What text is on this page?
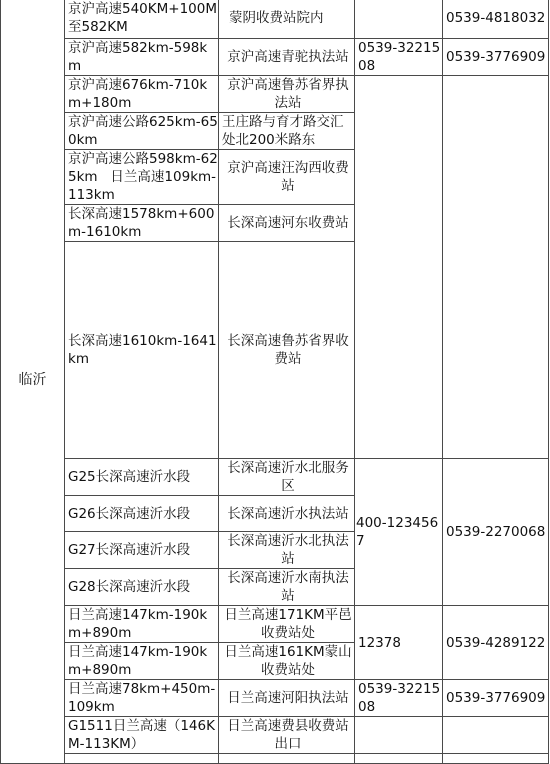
临沂	京沪高速540KM+100M至582KM	蒙阴收费站院内		0539-4818032	
	京沪高速582km-598km	京沪高速青驼执法站	0539-3221508	0539-3776909	
	京沪高速676km-710km+180m	京沪高速鲁苏省界执法站			
	京沪高速公路625km-650km	王庄路与育才路交汇处北200米路东			
	京沪高速公路598km-625km   日兰高速109km-113km	京沪高速汪沟西收费站			
	长深高速1578km+600m-1610km	长深高速河东收费站			
	长深高速1610km-1641km	长深高速鲁苏省界收费站		
	G25长深高速沂水段	长深高速沂水北服务区	400-1234567	0539-2270068	
	G26长深高速沂水段	长深高速沂水执法站			
	G27长深高速沂水段	长深高速沂水北执法站			
	G28长深高速沂水段	长深高速沂水南执法站			
	日兰高速147km-190km+890m	日兰高速171KM平邑收费站处	12378	0539-4289122	
	日兰高速147km-190km+890m	日兰高速161KM蒙山收费站处			
	日兰高速78km+450m-109km	日兰高速河阳执法站	0539-3221508	0539-3776909	
	G1511日兰高速（146KM-113KM）	日兰高速费县收费站出口			
